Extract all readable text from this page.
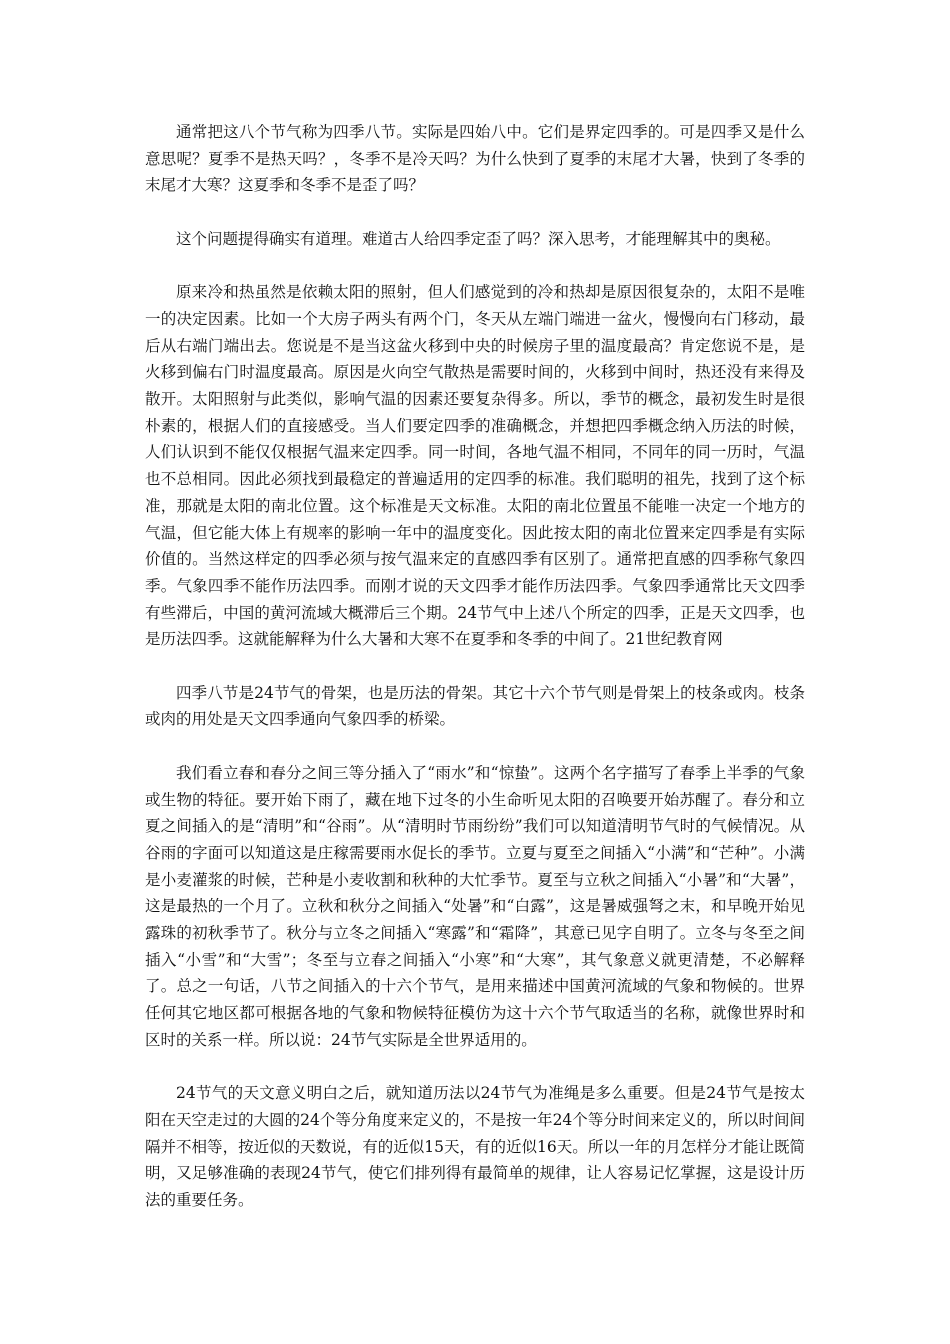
通常把这八个节气称为四季八节。实际是四始八中。它们是界定四季的。可是四季又是什么意思呢？夏季不是热天吗？，冬季不是冷天吗？为什么快到了夏季的末尾才大暑，快到了冬季的末尾才大寒？这夏季和冬季不是歪了吗？

这个问题提得确实有道理。难道古人给四季定歪了吗？深入思考，才能理解其中的奥秘。

原来冷和热虽然是依赖太阳的照射，但人们感觉到的冷和热却是原因很复杂的，太阳不是唯一的决定因素。比如一个大房子两头有两个门，冬天从左端门端进一盆火，慢慢向右门移动，最后从右端门端出去。您说是不是当这盆火移到中央的时候房子里的温度最高？肯定您说不是，是火移到偏右门时温度最高。原因是火向空气散热是需要时间的，火移到中间时，热还没有来得及散开。太阳照射与此类似，影响气温的因素还要复杂得多。所以，季节的概念，最初发生时是很朴素的，根据人们的直接感受。当人们要定四季的准确概念，并想把四季概念纳入历法的时候，人们认识到不能仅仅根据气温来定四季。同一时间，各地气温不相同，不同年的同一历时，气温也不总相同。因此必须找到最稳定的普遍适用的定四季的标准。我们聪明的祖先，找到了这个标准，那就是太阳的南北位置。这个标准是天文标准。太阳的南北位置虽不能唯一决定一个地方的气温，但它能大体上有规率的影响一年中的温度变化。因此按太阳的南北位置来定四季是有实际价值的。当然这样定的四季必须与按气温来定的直感四季有区别了。通常把直感的四季称气象四季。气象四季不能作历法四季。而刚才说的天文四季才能作历法四季。气象四季通常比天文四季有些滞后，中国的黄河流域大概滞后三个期。24节气中上述八个所定的四季，正是天文四季，也是历法四季。这就能解释为什么大暑和大寒不在夏季和冬季的中间了。21世纪教育网

四季八节是24节气的骨架，也是历法的骨架。其它十六个节气则是骨架上的枝条或肉。枝条或肉的用处是天文四季通向气象四季的桥梁。

我们看立春和春分之间三等分插入了“雨水”和“惊蛰”。这两个名字描写了春季上半季的气象或生物的特征。要开始下雨了，藏在地下过冬的小生命听见太阳的召唤要开始苏醒了。春分和立夏之间插入的是“清明”和“谷雨”。从“清明时节雨纷纷”我们可以知道清明节气时的气候情况。从谷雨的字面可以知道这是庄稼需要雨水促长的季节。立夏与夏至之间插入“小满”和“芒种”。小满是小麦灌浆的时候，芒种是小麦收割和秋种的大忙季节。夏至与立秋之间插入“小暑”和“大暑”，这是最热的一个月了。立秋和秋分之间插入“处暑”和“白露”，这是暑威强弩之末，和早晚开始见露珠的初秋季节了。秋分与立冬之间插入“寒露”和“霜降”，其意已见字自明了。立冬与冬至之间插入“小雪”和“大雪”；冬至与立春之间插入“小寒”和“大寒”，其气象意义就更清楚，不必解释了。总之一句话，八节之间插入的十六个节气，是用来描述中国黄河流域的气象和物候的。世界任何其它地区都可根据各地的气象和物候特征模仿为这十六个节气取适当的名称，就像世界时和区时的关系一样。所以说：24节气实际是全世界适用的。

24节气的天文意义明白之后，就知道历法以24节气为准绳是多么重要。但是24节气是按太阳在天空走过的大圆的24个等分角度来定义的，不是按一年24个等分时间来定义的，所以时间间隔并不相等，按近似的天数说，有的近似15天，有的近似16天。所以一年的月怎样分才能让既简明，又足够准确的表现24节气，使它们排列得有最简单的规律，让人容易记忆掌握，这是设计历法的重要任务。
